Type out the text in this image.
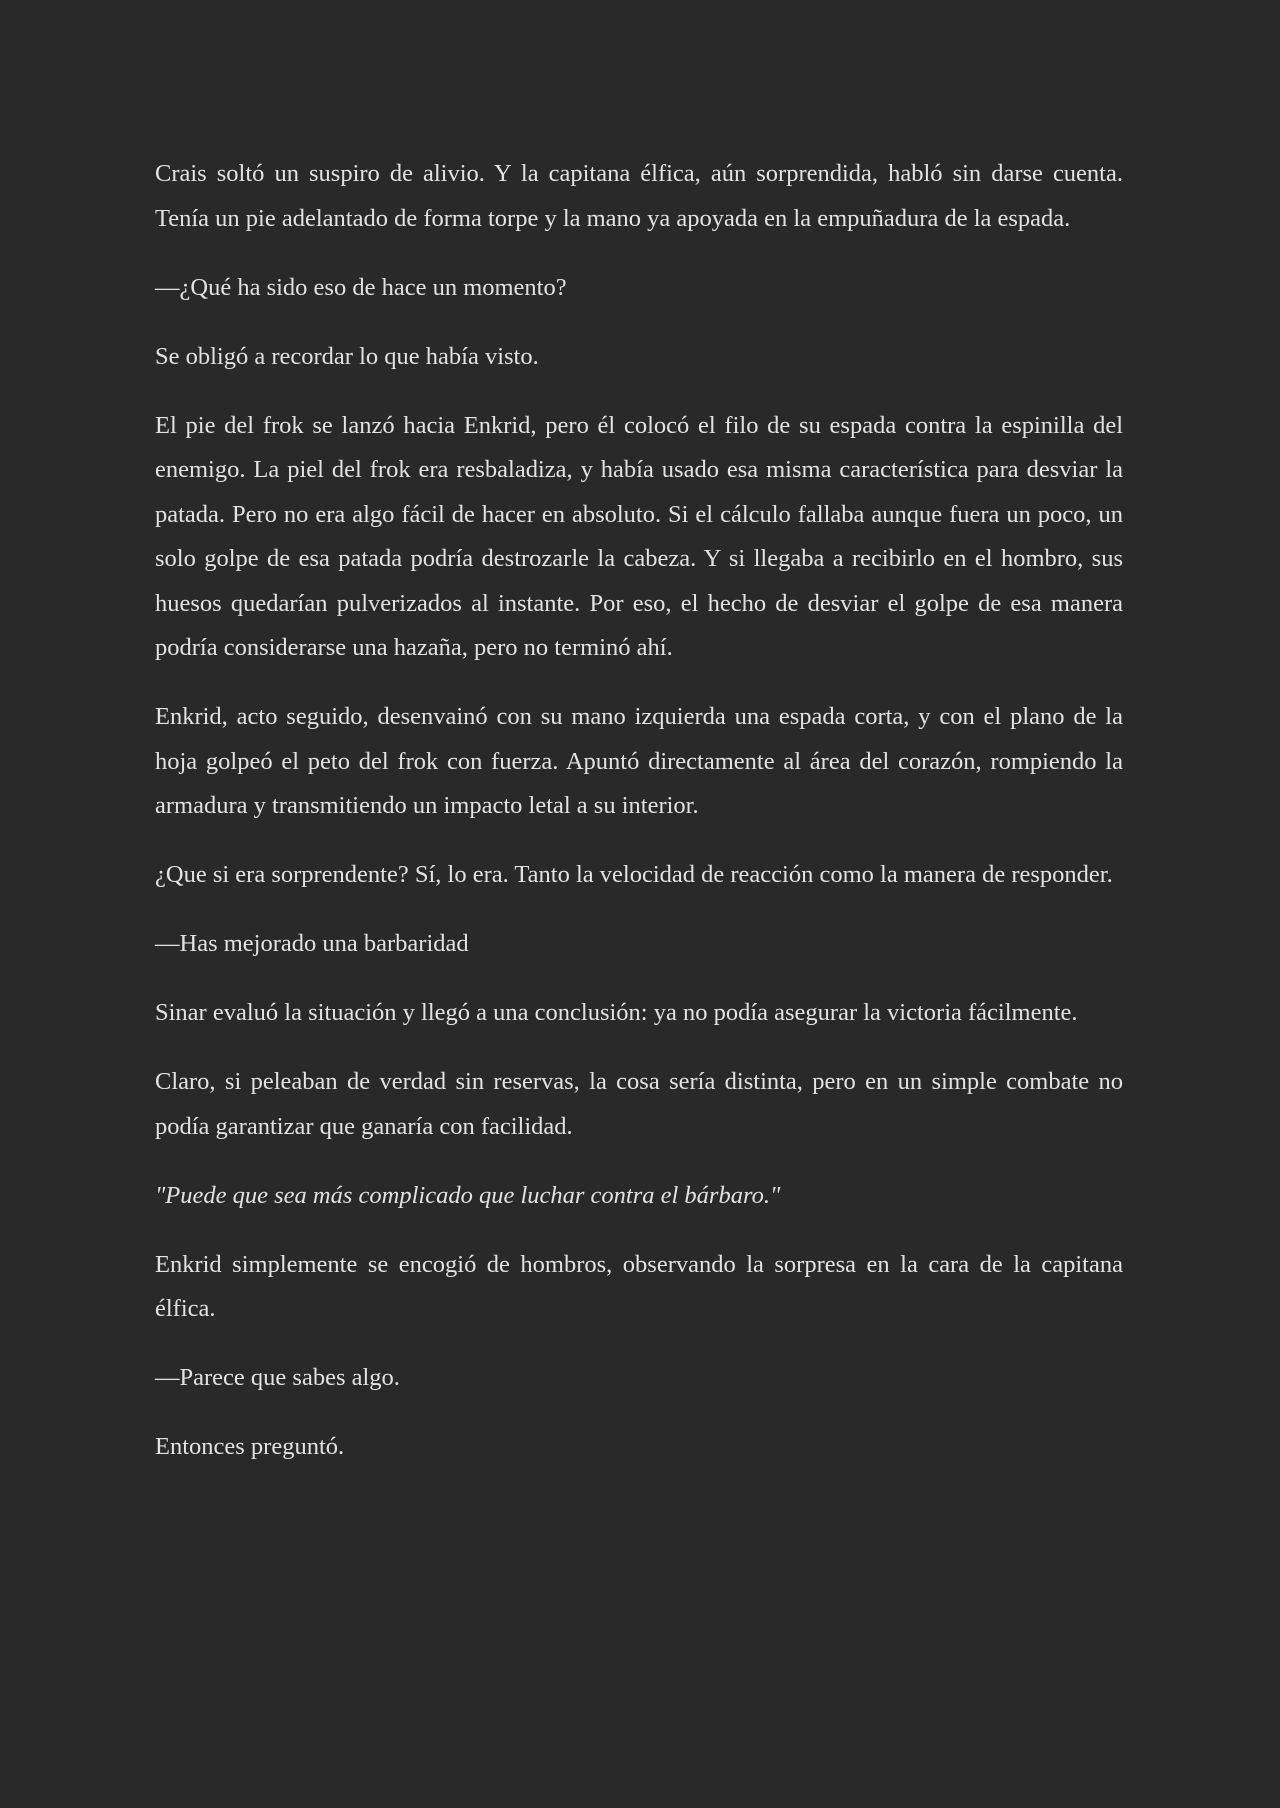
Crais soltó un suspiro de alivio. Y la capitana élfica, aún sorprendida, habló sin darse cuenta. Tenía un pie adelantado de forma torpe y la mano ya apoyada en la empuñadura de la espada.

—¿Qué ha sido eso de hace un momento?

Se obligó a recordar lo que había visto.

El pie del frok se lanzó hacia Enkrid, pero él colocó el filo de su espada contra la espinilla del enemigo. La piel del frok era resbaladiza, y había usado esa misma característica para desviar la patada. Pero no era algo fácil de hacer en absoluto. Si el cálculo fallaba aunque fuera un poco, un solo golpe de esa patada podría destrozarle la cabeza. Y si llegaba a recibirlo en el hombro, sus huesos quedarían pulverizados al instante. Por eso, el hecho de desviar el golpe de esa manera podría considerarse una hazaña, pero no terminó ahí.

Enkrid, acto seguido, desenvainó con su mano izquierda una espada corta, y con el plano de la hoja golpeó el peto del frok con fuerza. Apuntó directamente al área del corazón, rompiendo la armadura y transmitiendo un impacto letal a su interior.

¿Que si era sorprendente? Sí, lo era. Tanto la velocidad de reacción como la manera de responder.

—Has mejorado una barbaridad

Sinar evaluó la situación y llegó a una conclusión: ya no podía asegurar la victoria fácilmente.

Claro, si peleaban de verdad sin reservas, la cosa sería distinta, pero en un simple combate no podía garantizar que ganaría con facilidad.

"Puede que sea más complicado que luchar contra el bárbaro."

Enkrid simplemente se encogió de hombros, observando la sorpresa en la cara de la capitana élfica.

—Parece que sabes algo.

Entonces preguntó.
